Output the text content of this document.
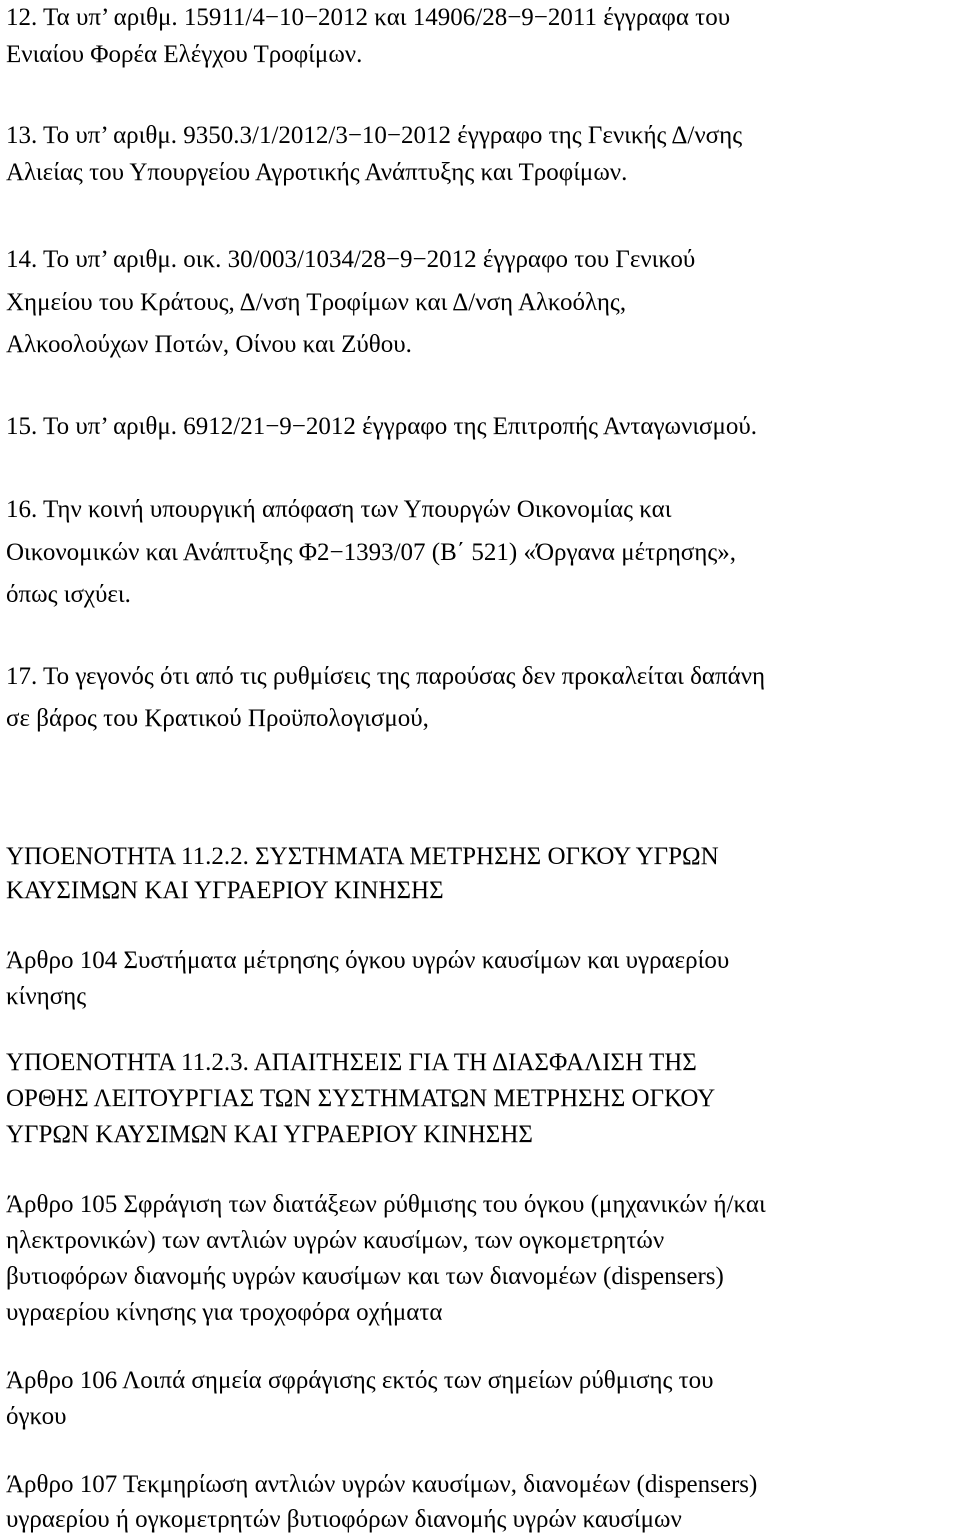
12. Τα υπ’ αριθμ. 15911/4−10−2012 και 14906/28−9−2011 έγγραφα του
Ενιαίου Φορέα Ελέγχου Τροφίμων.
13. Το υπ’ αριθμ. 9350.3/1/2012/3−10−2012 έγγραφο της Γενικής Δ/νσης
Αλιείας του Υπουργείου Αγροτικής Ανάπτυξης και Τροφίμων.
14. Το υπ’ αριθμ. οικ. 30/003/1034/28−9−2012 έγγραφο του Γενικού
Χημείου του Κράτους, Δ/νση Τροφίμων και Δ/νση Αλκοόλης,
Αλκοολούχων Ποτών, Οίνου και Ζύθου.
15. Το υπ’ αριθμ. 6912/21−9−2012 έγγραφο της Επιτροπής Ανταγωνισμού.
16. Την κοινή υπουργική απόφαση των Υπουργών Οικονομίας και
Οικονομικών και Ανάπτυξης Φ2−1393/07 (Β΄ 521) «Όργανα μέτρησης»,
όπως ισχύει.
17. Το γεγονός ότι από τις ρυθμίσεις της παρούσας δεν προκαλείται δαπάνη
σε βάρος του Κρατικού Προϋπολογισμού,
ΥΠΟΕΝΟΤΗΤΑ 11.2.2. ΣΥΣΤΗΜΑΤΑ ΜΕΤΡΗΣΗΣ ΟΓΚΟΥ ΥΓΡΩΝ
ΚΑΥΣΙΜΩΝ ΚΑΙ ΥΓΡΑΕΡΙΟΥ ΚΙΝΗΣΗΣ
Άρθρο 104 Συστήματα μέτρησης όγκου υγρών καυσίμων και υγραερίου
κίνησης
ΥΠΟΕΝΟΤΗΤΑ 11.2.3. ΑΠΑΙΤΗΣΕΙΣ ΓΙΑ ΤΗ ΔΙΑΣΦΑΛΙΣΗ ΤΗΣ
ΟΡΘΗΣ ΛΕΙΤΟΥΡΓΙΑΣ ΤΩΝ ΣΥΣΤΗΜΑΤΩΝ ΜΕΤΡΗΣΗΣ ΟΓΚΟΥ
ΥΓΡΩΝ ΚΑΥΣΙΜΩΝ ΚΑΙ ΥΓΡΑΕΡΙΟΥ ΚΙΝΗΣΗΣ
Άρθρο 105 Σφράγιση των διατάξεων ρύθμισης του όγκου (μηχανικών ή/και
ηλεκτρονικών) των αντλιών υγρών καυσίμων, των ογκομετρητών
βυτιοφόρων διανομής υγρών καυσίμων και των διανομέων (dispensers)
υγραερίου κίνησης για τροχοφόρα οχήματα
Άρθρο 106 Λοιπά σημεία σφράγισης εκτός των σημείων ρύθμισης του
όγκου
Άρθρο 107 Τεκμηρίωση αντλιών υγρών καυσίμων, διανομέων (dispensers)
υγραερίου ή ογκομετρητών βυτιοφόρων διανομής υγρών καυσίμων
